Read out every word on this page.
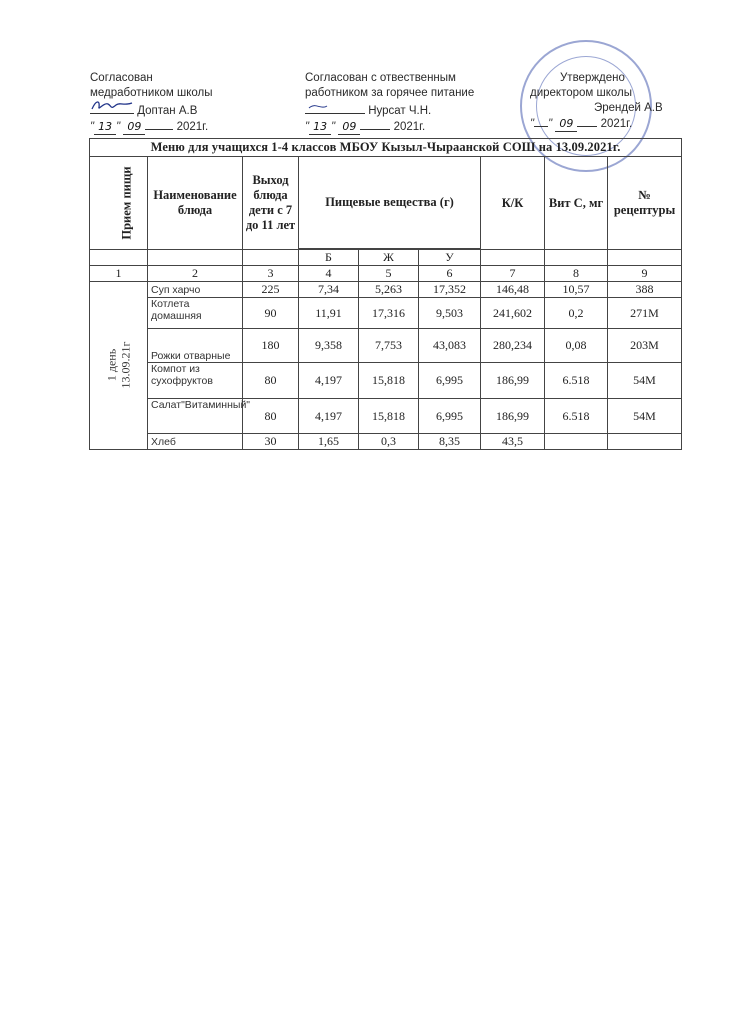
Согласован
медработником школы
Доптан А.В
" 13 " 09	2021г.
Согласован с отвественным
работником за горячее питание
Нурсат Ч.Н.
" 13 " 09	2021г.
Утверждено
директором школы
Эрендей А.В
" " 09 2021г.
Меню для учащихся 1-4 классов МБОУ Кызыл-Чыраанской СОШ на 13.09.2021г.								
Прием пищи	Наименование блюда	Выход блюда дети с 7 до 11 лет	Пищевые вещества (г)			К/К	Вит С, мг	№ рецептуры

			Б	Ж	У			
1	2	3	4	5	6	7	8	9
1 день
13.09.21г	Суп харчо	225	7,34	5,263	17,352	146,48	10,57	388
	Котлета домашняя	90	11,91	17,316	9,503	241,602	0,2	271М
	Рожки отварные	180	9,358	7,753	43,083	280,234	0,08	203М
	Компот из сухофруктов	80	4,197	15,818	6,995	186,99	6.518	54М
	Салат"Витаминный"	80	4,197	15,818	6,995	186,99	6.518	54М
	Хлеб	30	1,65	0,3	8,35	43,5		
